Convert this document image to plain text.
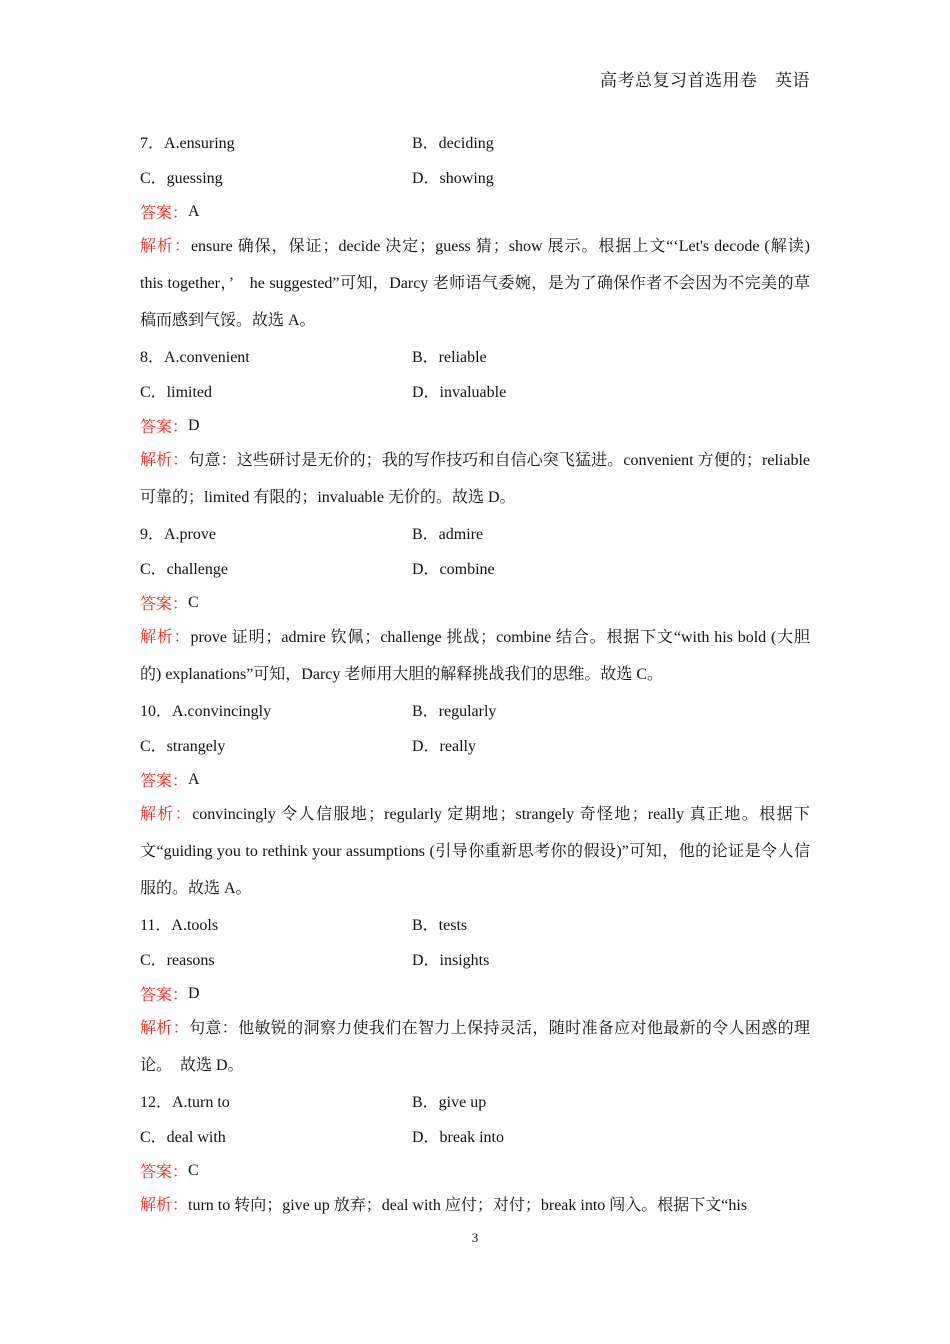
高考总复习首选用卷　英语
7．A.ensuring	B．deciding
C．guessing	D．showing
答案： A

解析：ensure 确保，保证；decide 决定；guess 猜；show 展示。根据上文“‘Let's decode (解读) this together，’　he suggested”可知，Darcy 老师语气委婉，是为了确保作者不会因为不完美的草稿而感到气馁。故选 A。

8．A.convenient	B．reliable
C．limited	D．invaluable
答案： D

解析：句意：这些研讨是无价的；我的写作技巧和自信心突飞猛进。convenient 方便的；reliable 可靠的；limited 有限的；invaluable 无价的。故选 D。

9．A.prove	B．admire
C．challenge	D．combine
答案： C

解析：prove 证明；admire 钦佩；challenge 挑战；combine 结合。根据下文“with his bold (大胆的) explanations”可知，Darcy 老师用大胆的解释挑战我们的思维。故选 C。

10．A.convincingly	B．regularly
C．strangely	D．really
答案： A

解析：convincingly 令人信服地；regularly 定期地；strangely 奇怪地；really 真正地。根据下文“guiding you to rethink your assumptions (引导你重新思考你的假设)”可知，他的论证是令人信服的。故选 A。

11．A.tools	B．tests
C．reasons	D．insights
答案： D

解析：句意：他敏锐的洞察力使我们在智力上保持灵活，随时准备应对他最新的令人困惑的理论。　故选 D。

12．A.turn to	B．give up
C．deal with	D．break into
答案： C

解析：turn to 转向；give up 放弃；deal with 应付；对付；break into 闯入。根据下文“his

3
